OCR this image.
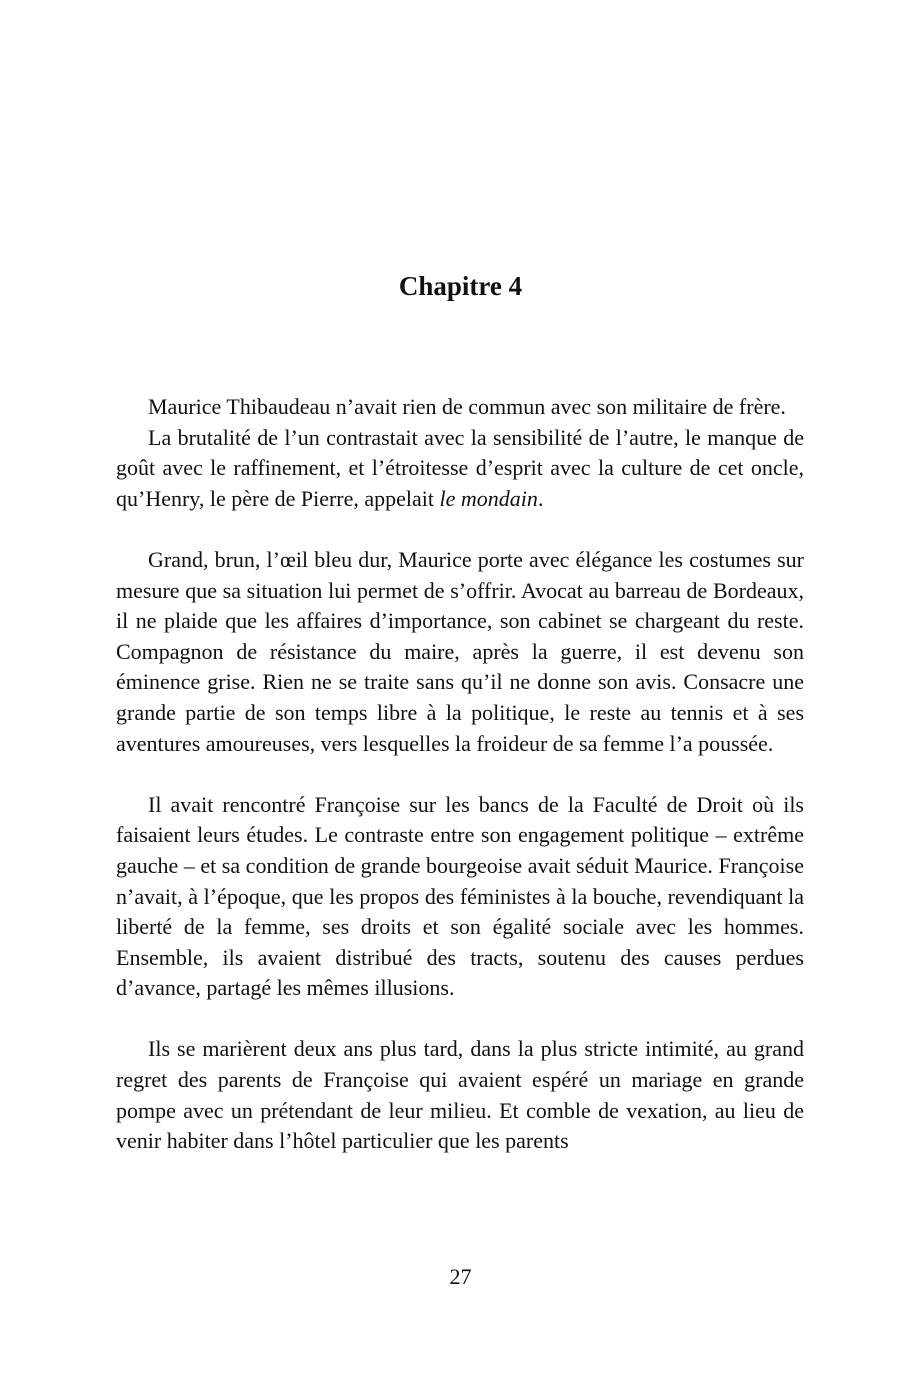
Chapitre 4

Maurice Thibaudeau n’avait rien de commun avec son militaire de frère.

La brutalité de l’un contrastait avec la sensibilité de l’autre, le manque de goût avec le raffinement, et l’étroitesse d’esprit avec la culture de cet oncle, qu’Henry, le père de Pierre, appelait le mondain.

Grand, brun, l’œil bleu dur, Maurice porte avec élégance les costumes sur mesure que sa situation lui permet de s’offrir. Avocat au barreau de Bordeaux, il ne plaide que les affaires d’importance, son cabinet se chargeant du reste. Compagnon de résistance du maire, après la guerre, il est devenu son éminence grise. Rien ne se traite sans qu’il ne donne son avis. Consacre une grande partie de son temps libre à la politique, le reste au tennis et à ses aventures amoureuses, vers lesquelles la froideur de sa femme l’a poussée.

Il avait rencontré Françoise sur les bancs de la Faculté de Droit où ils faisaient leurs études. Le contraste entre son engagement politique – extrême gauche – et sa condition de grande bourgeoise avait séduit Maurice. Françoise n’avait, à l’époque, que les propos des féministes à la bouche, revendiquant la liberté de la femme, ses droits et son égalité sociale avec les hommes. Ensemble, ils avaient distribué des tracts, soutenu des causes perdues d’avance, partagé les mêmes illusions.

Ils se marièrent deux ans plus tard, dans la plus stricte intimité, au grand regret des parents de Françoise qui avaient espéré un mariage en grande pompe avec un prétendant de leur milieu. Et comble de vexation, au lieu de venir habiter dans l’hôtel particulier que les parents

27
